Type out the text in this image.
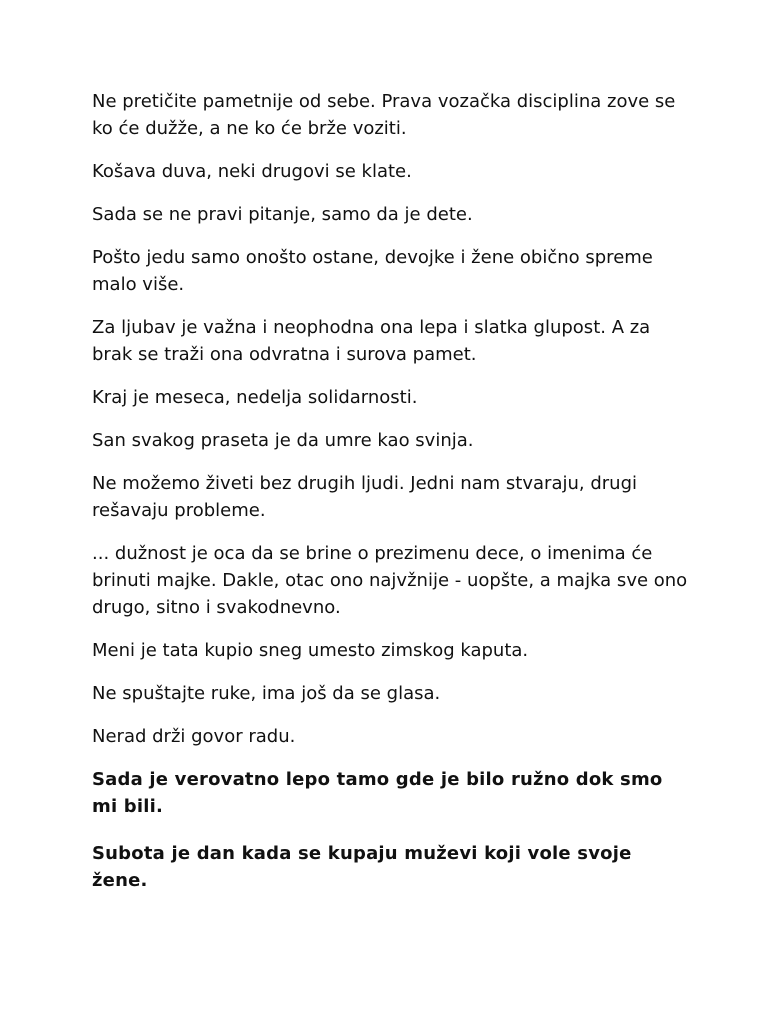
Ne pretičite pametnije od sebe. Prava vozačka disciplina zove se ko će dužže, a ne ko će brže voziti.

Košava duva, neki drugovi se klate.

Sada se ne pravi pitanje, samo da je dete.

Pošto jedu samo onošto ostane, devojke i žene obično spreme malo više.

Za ljubav je važna i neophodna ona lepa i slatka glupost. A za brak se traži ona odvratna i surova pamet.

Kraj je meseca, nedelja solidarnosti.

San svakog praseta je da umre kao svinja.

Ne možemo živeti bez drugih ljudi. Jedni nam stvaraju, drugi rešavaju probleme.

... dužnost je oca da se brine o prezimenu dece, o imenima će brinuti majke. Dakle, otac ono najvžnije - uopšte, a majka sve ono drugo, sitno i svakodnevno.

Meni je tata kupio sneg umesto zimskog kaputa.

Ne spuštajte ruke, ima još da se glasa.

Nerad drži govor radu.

Sada je verovatno lepo tamo gde je bilo ružno dok smo mi bili.

Subota je dan kada se kupaju muževi koji vole svoje žene.
